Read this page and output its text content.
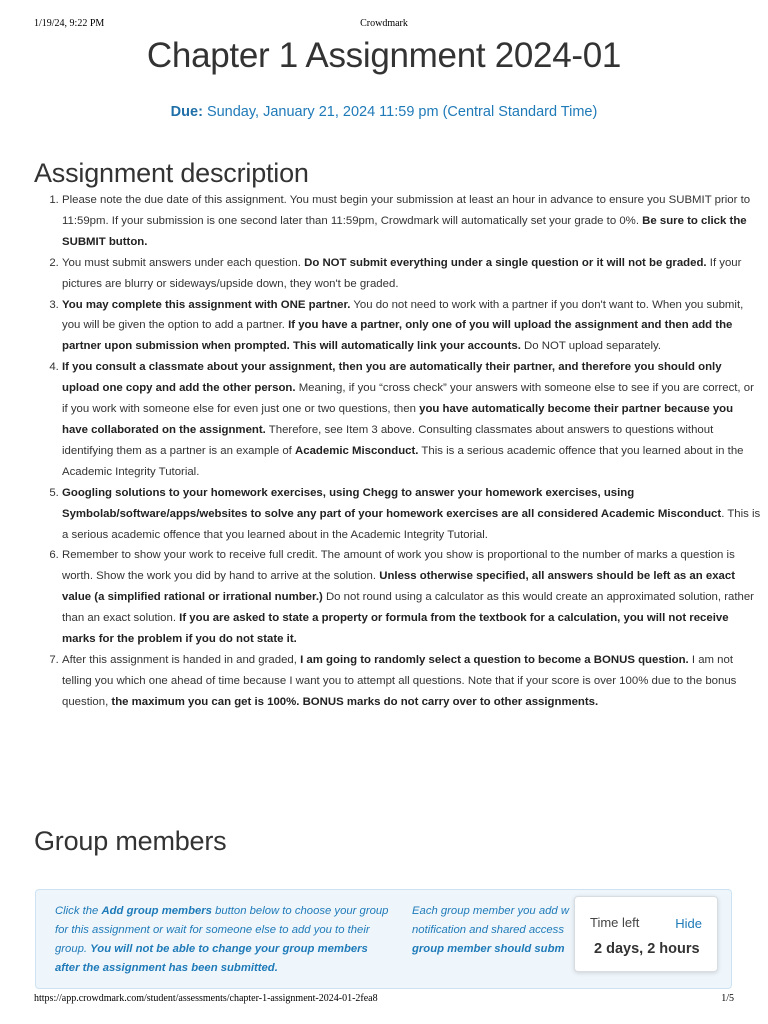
1/19/24, 9:22 PM	Crowdmark
Chapter 1 Assignment 2024-01
Due: Sunday, January 21, 2024 11:59 pm (Central Standard Time)
Assignment description
1. Please note the due date of this assignment. You must begin your submission at least an hour in advance to ensure you SUBMIT prior to 11:59pm. If your submission is one second later than 11:59pm, Crowdmark will automatically set your grade to 0%. Be sure to click the SUBMIT button.
2. You must submit answers under each question. Do NOT submit everything under a single question or it will not be graded. If your pictures are blurry or sideways/upside down, they won't be graded.
3. You may complete this assignment with ONE partner. You do not need to work with a partner if you don't want to. When you submit, you will be given the option to add a partner. If you have a partner, only one of you will upload the assignment and then add the partner upon submission when prompted. This will automatically link your accounts. Do NOT upload separately.
4. If you consult a classmate about your assignment, then you are automatically their partner, and therefore you should only upload one copy and add the other person. Meaning, if you “cross check” your answers with someone else to see if you are correct, or if you work with someone else for even just one or two questions, then you have automatically become their partner because you have collaborated on the assignment. Therefore, see Item 3 above. Consulting classmates about answers to questions without identifying them as a partner is an example of Academic Misconduct. This is a serious academic offence that you learned about in the Academic Integrity Tutorial.
5. Googling solutions to your homework exercises, using Chegg to answer your homework exercises, using Symbolab/software/apps/websites to solve any part of your homework exercises are all considered Academic Misconduct. This is a serious academic offence that you learned about in the Academic Integrity Tutorial.
6. Remember to show your work to receive full credit. The amount of work you show is proportional to the number of marks a question is worth. Show the work you did by hand to arrive at the solution. Unless otherwise specified, all answers should be left as an exact value (a simplified rational or irrational number.) Do not round using a calculator as this would create an approximated solution, rather than an exact solution. If you are asked to state a property or formula from the textbook for a calculation, you will not receive marks for the problem if you do not state it.
7. After this assignment is handed in and graded, I am going to randomly select a question to become a BONUS question. I am not telling you which one ahead of time because I want you to attempt all questions. Note that if your score is over 100% due to the bonus question, the maximum you can get is 100%. BONUS marks do not carry over to other assignments.
Group members
Click the Add group members button below to choose your group for this assignment or wait for someone else to add you to their group. You will not be able to change your group members after the assignment has been submitted.
Each group member you add w
notification and shared access
group member should subm
Time left	Hide
2 days, 2 hours
https://app.crowdmark.com/student/assessments/chapter-1-assignment-2024-01-2fea8	1/5
